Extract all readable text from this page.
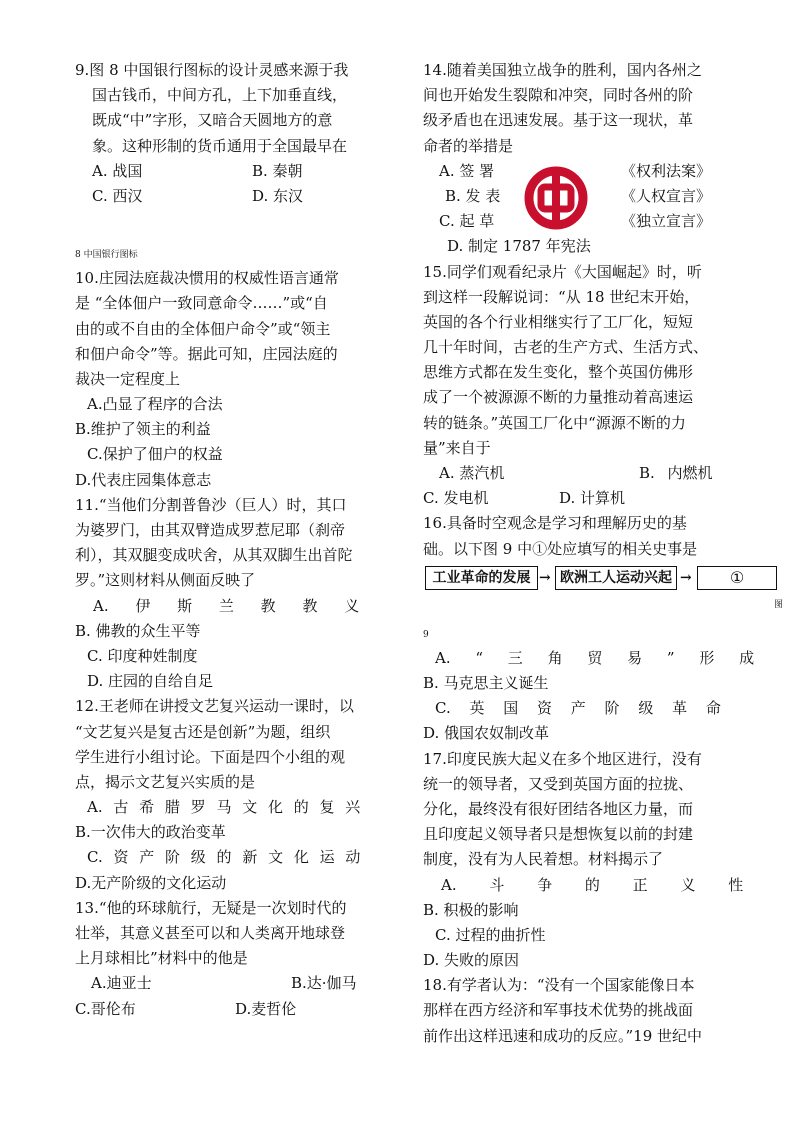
9.图 8 中国银行图标的设计灵感来源于我
国古钱币，中间方孔，上下加垂直线，
既成“中”字形，又暗合天圆地方的意
象。这种形制的货币通用于全国最早在
A. 战国	B. 秦朝
C. 西汉	D. 东汉
8 中国银行图标
10.庄园法庭裁决惯用的权威性语言通常
是 “全体佃户一致同意命令……”或“自
由的或不自由的全体佃户命令”或“领主
和佃户命令”等。据此可知，庄园法庭的
裁决一定程度上
A.凸显了程序的合法
B.维护了领主的利益
C.保护了佃户的权益
D.代表庄园集体意志
11.“当他们分割普鲁沙（巨人）时，其口
为婆罗门，由其双臂造成罗惹尼耶（刹帝
利），其双腿变成吠舍，从其双脚生出首陀
罗。”这则材料从侧面反映了
A. 伊 斯 兰 教 教 义
B. 佛教的众生平等
C. 印度种姓制度
D. 庄园的自给自足
12.王老师在讲授文艺复兴运动一课时，以
“文艺复兴是复古还是创新”为题，组织
学生进行小组讨论。下面是四个小组的观
点，揭示文艺复兴实质的是
A. 古 希 腊 罗 马 文 化 的 复 兴
B.一次伟大的政治变革
C. 资 产 阶 级 的 新 文 化 运 动
D.无产阶级的文化运动
13.“他的环球航行，无疑是一次划时代的
壮举，其意义甚至可以和人类离开地球登
上月球相比”材料中的他是
A.迪亚士	B.达·伽马
C.哥伦布	D.麦哲伦
14.随着美国独立战争的胜利，国内各州之
间也开始发生裂隙和冲突，同时各州的阶
级矛盾也在迅速发展。基于这一现状，革
命者的举措是
A. 签 署	《权利法案》
B. 发 表	《人权宣言》
C. 起 草	《独立宣言》
D. 制定 1787 年宪法
15.同学们观看纪录片《大国崛起》时，听
到这样一段解说词：“从 18 世纪末开始，
英国的各个行业相继实行了工厂化，短短
几十年时间，古老的生产方式、生活方式、
思维方式都在发生变化，整个英国仿佛形
成了一个被源源不断的力量推动着高速运
转的链条。”英国工厂化中“源源不断的力
量”来自于
A. 蒸汽机	B. 内燃机
C. 发电机	D. 计算机
16.具备时空观念是学习和理解历史的基
础。以下图 9 中①处应填写的相关史事是
图
9
A. “ 三 角 贸 易 ” 形 成
B. 马克思主义诞生
C. 英 国 资 产 阶 级 革 命
D. 俄国农奴制改革
17.印度民族大起义在多个地区进行，没有
统一的领导者，又受到英国方面的拉拢、
分化，最终没有很好团结各地区力量，而
且印度起义领导者只是想恢复以前的封建
制度，没有为人民着想。材料揭示了
A. 斗 争 的 正 义 性
B. 积极的影响
C. 过程的曲折性
D. 失败的原因
18.有学者认为：“没有一个国家能像日本
那样在西方经济和军事技术优势的挑战面
前作出这样迅速和成功的反应。”19 世纪中
工业革命的发展 → 欧洲工人运动兴起 →	①
